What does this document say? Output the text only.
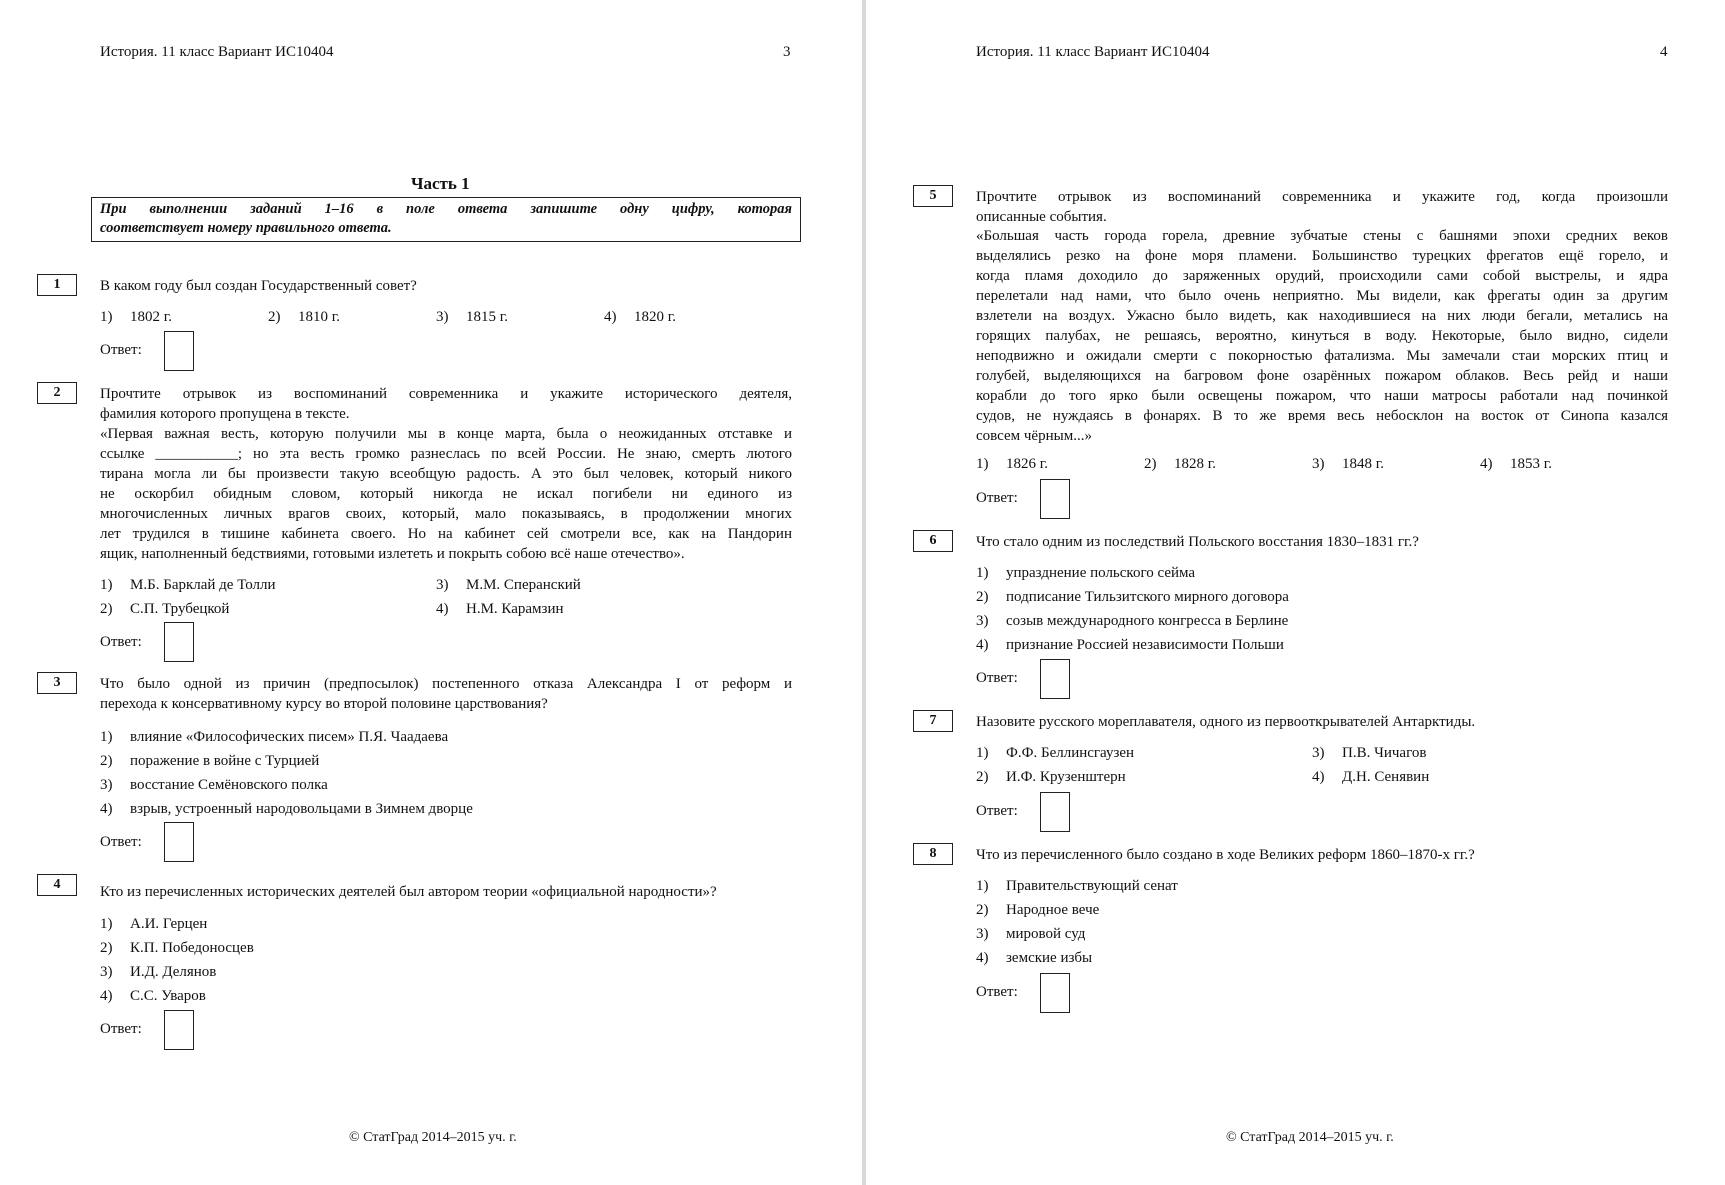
История. 11 класс Вариант ИС10404	3
Часть 1
При выполнении заданий 1–16 в поле ответа запишите одну цифру, которая
соответствует номеру правильного ответа.
1	В каком году был создан Государственный совет?
1) 1802 г.	2) 1810 г.	3) 1815 г.	4) 1820 г.
Ответ:
2	Прочтите отрывок из воспоминаний современника и укажите исторического деятеля,
фамилия которого пропущена в тексте.
«Первая важная весть, которую получили мы в конце марта, была о неожиданных отставке и
ссылке ___________; но эта весть громко разнеслась по всей России. Не знаю, смерть лютого
тирана могла ли бы произвести такую всеобщую радость. А это был человек, который никого
не оскорбил обидным словом, который никогда не искал погибели ни единого из
многочисленных личных врагов своих, который, мало показываясь, в продолжении многих
лет трудился в тишине кабинета своего. Но на кабинет сей смотрели все, как на Пандорин
ящик, наполненный бедствиями, готовыми излететь и покрыть собою всё наше отечество».
1) М.Б. Барклай де Толли	3) М.М. Сперанский
2) С.П. Трубецкой	4) Н.М. Карамзин
Ответ:
3	Что было одной из причин (предпосылок) постепенного отказа Александра I от реформ и
перехода к консервативному курсу во второй половине царствования?
1) влияние «Философических писем» П.Я. Чаадаева
2) поражение в войне с Турцией
3) восстание Семёновского полка
4) взрыв, устроенный народовольцами в Зимнем дворце
Ответ:
4	Кто из перечисленных исторических деятелей был автором теории «официальной народности»?
1) А.И. Герцен
2) К.П. Победоносцев
3) И.Д. Делянов
4) С.С. Уваров
Ответ:
© СтатГрад 2014–2015 уч. г.
История. 11 класс Вариант ИС10404	4
5	Прочтите отрывок из воспоминаний современника и укажите год, когда произошли
описанные события.
«Большая часть города горела, древние зубчатые стены с башнями эпохи средних веков
выделялись резко на фоне моря пламени. Большинство турецких фрегатов ещё горело, и
когда пламя доходило до заряженных орудий, происходили сами собой выстрелы, и ядра
перелетали над нами, что было очень неприятно. Мы видели, как фрегаты один за другим
взлетели на воздух. Ужасно было видеть, как находившиеся на них люди бегали, метались на
горящих палубах, не решаясь, вероятно, кинуться в воду. Некоторые, было видно, сидели
неподвижно и ожидали смерти с покорностью фатализма. Мы замечали стаи морских птиц и
голубей, выделяющихся на багровом фоне озарённых пожаром облаков. Весь рейд и наши
корабли до того ярко были освещены пожаром, что наши матросы работали над починкой
судов, не нуждаясь в фонарях. В то же время весь небосклон на восток от Синопа казался
совсем чёрным...»
1) 1826 г.	2) 1828 г.	3) 1848 г.	4) 1853 г.
Ответ:
6	Что стало одним из последствий Польского восстания 1830–1831 гг.?
1) упразднение польского сейма
2) подписание Тильзитского мирного договора
3) созыв международного конгресса в Берлине
4) признание Россией независимости Польши
Ответ:
7	Назовите русского мореплавателя, одного из первооткрывателей Антарктиды.
1) Ф.Ф. Беллинсгаузен	3) П.В. Чичагов
2) И.Ф. Крузенштерн	4) Д.Н. Сенявин
Ответ:
8	Что из перечисленного было создано в ходе Великих реформ 1860–1870-х гг.?
1) Правительствующий сенат
2) Народное вече
3) мировой суд
4) земские избы
Ответ:
© СтатГрад 2014–2015 уч. г.
